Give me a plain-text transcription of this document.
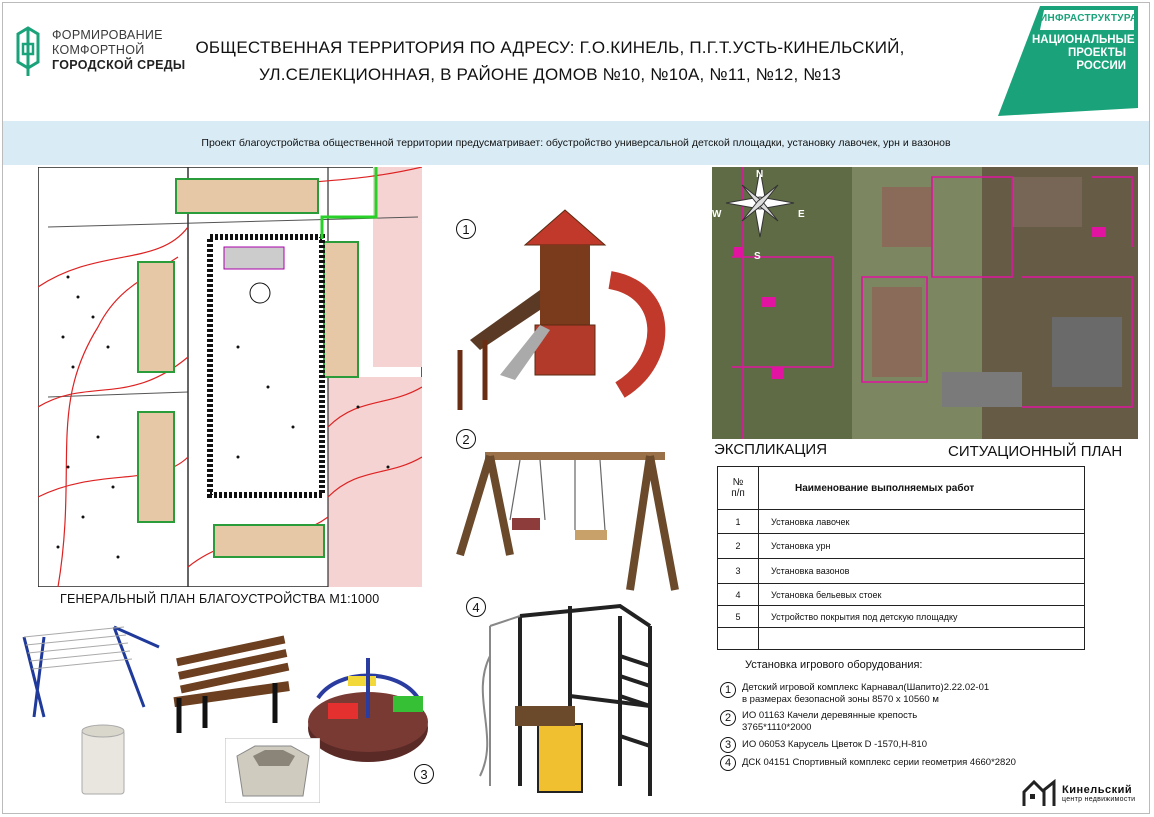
ФОРМИРОВАНИЕ
КОМФОРТНОЙ
ГОРОДСКОЙ СРЕДЫ
ОБЩЕСТВЕННАЯ ТЕРРИТОРИЯ ПО АДРЕСУ: Г.О.КИНЕЛЬ, П.Г.Т.УСТЬ-КИНЕЛЬСКИЙ,
УЛ.СЕЛЕКЦИОННАЯ, В РАЙОНЕ ДОМОВ №10, №10А, №11, №12, №13
ИНФРАСТРУКТУРА
НАЦИОНАЛЬНЫЕ
ПРОЕКТЫ
РОССИИ
Проект благоустройства общественной территории предусматривает: обустройство универсальной детской площадки, установку лавочек, урн и вазонов
ГЕНЕРАЛЬНЫЙ ПЛАН БЛАГОУСТРОЙСТВА М1:1000
1
2
3
4
N
S
E
W
ЭКСПЛИКАЦИЯ	СИТУАЦИОННЫЙ ПЛАН
№
п/п	Наименование выполняемых работ
1	Установка лавочек
2	Установка урн
3	Установка вазонов
4	Установка бельевых стоек
5	Устройство покрытия под детскую площадку

Установка игрового оборудования:
1	Детский игровой комплекс Карнавал(Шапито)2.22.02-01
в размерах безопасной зоны 8570 х 10560 м
2	ИО 01163 Качели деревянные крепость
3765*1110*2000
3	ИО 06053 Карусель Цветок D -1570,H-810
4	ДСК 04151 Спортивный комплекс серии геометрия 4660*2820
Кинельский
центр недвижимости
